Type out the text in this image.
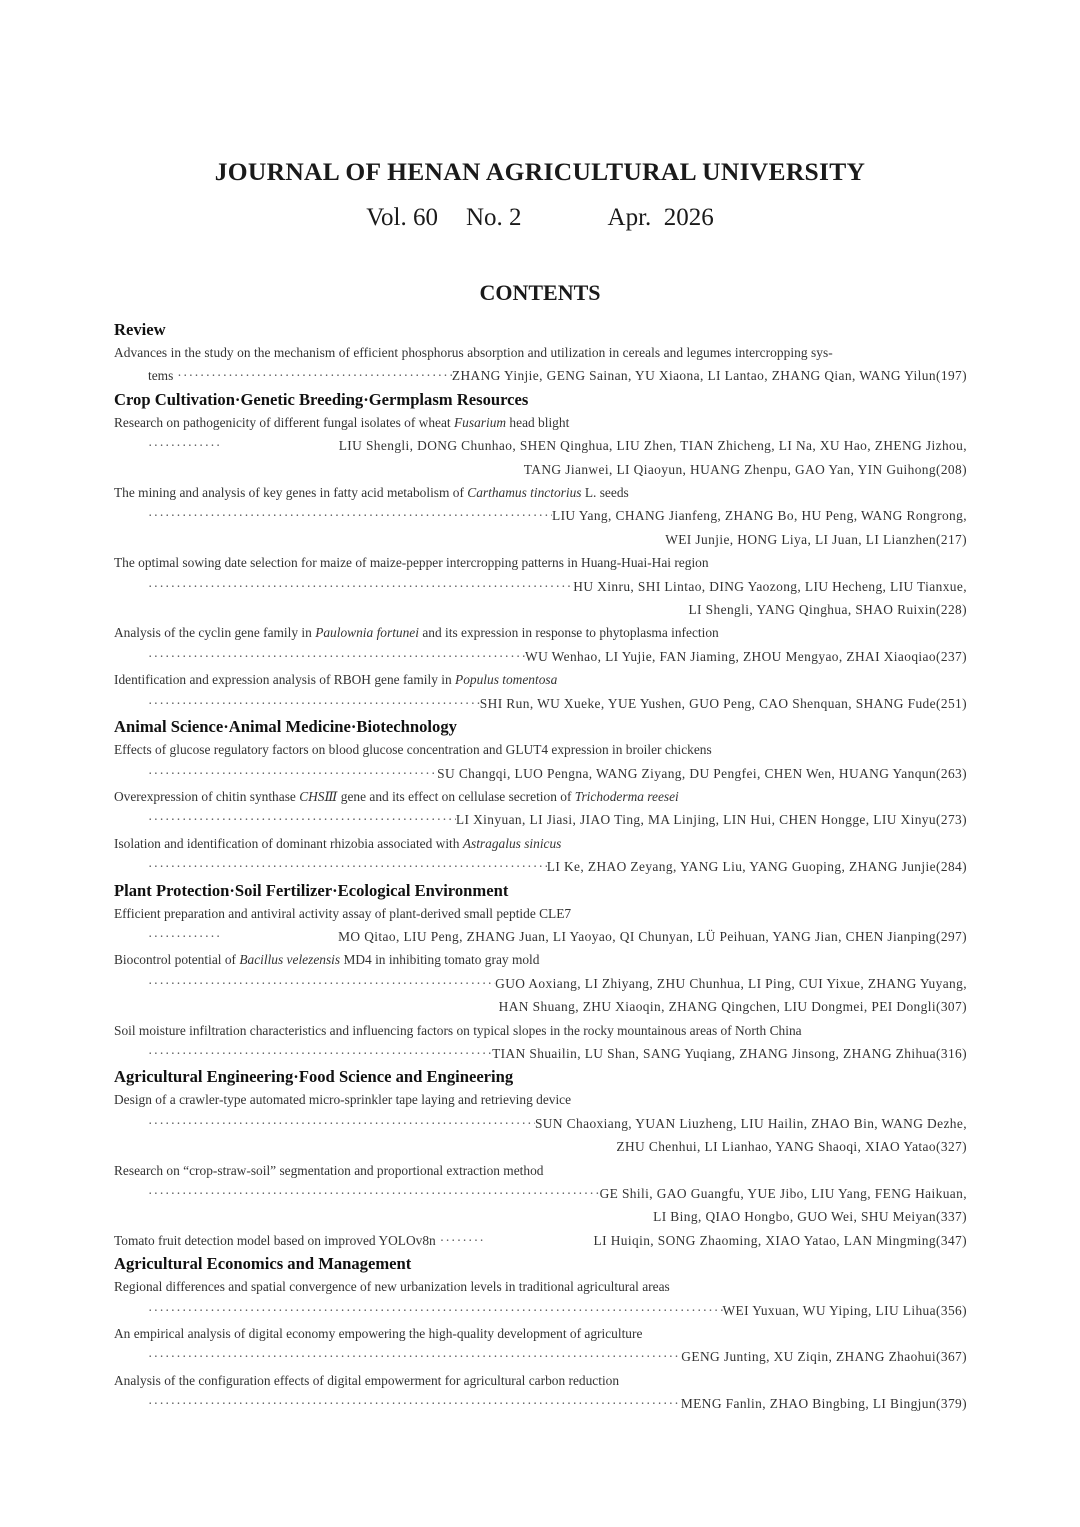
JOURNAL OF HENAN AGRICULTURAL UNIVERSITY
Vol. 60 No. 2	Apr.  2026
CONTENTS

Review

Advances in the study on the mechanism of efficient phosphorus absorption and utilization in cereals and legumes intercropping sys-

tems ·····	ZHANG Yinjie, GENG Sainan, YU Xiaona, LI Lantao, ZHANG Qian, WANG Yilun(197)

Crop Cultivation·Genetic Breeding·Germplasm Resources

Research on pathogenicity of different fungal isolates of wheat Fusarium head blight

·····
LIU Shengli, DONG Chunhao, SHEN Qinghua, LIU Zhen, TIAN Zhicheng, LI Na, XU Hao, ZHENG Jizhou,

TANG Jianwei, LI Qiaoyun, HUANG Zhenpu, GAO Yan, YIN Guihong(208)

The mining and analysis of key genes in fatty acid metabolism of Carthamus tinctorius L. seeds

·····
LIU Yang, CHANG Jianfeng, ZHANG Bo, HU Peng, WANG Rongrong,

WEI Junjie, HONG Liya, LI Juan, LI Lianzhen(217)

The optimal sowing date selection for maize of maize-pepper intercropping patterns in Huang-Huai-Hai region

·····
HU Xinru, SHI Lintao, DING Yaozong, LIU Hecheng, LIU Tianxue,

LI Shengli, YANG Qinghua, SHAO Ruixin(228)

Analysis of the cyclin gene family in Paulownia fortunei and its expression in response to phytoplasma infection

·····
WU Wenhao, LI Yujie, FAN Jiaming, ZHOU Mengyao, ZHAI Xiaoqiao(237)

Identification and expression analysis of RBOH gene family in Populus tomentosa

·····
SHI Run, WU Xueke, YUE Yushen, GUO Peng, CAO Shenquan, SHANG Fude(251)

Animal Science·Animal Medicine·Biotechnology

Effects of glucose regulatory factors on blood glucose concentration and GLUT4 expression in broiler chickens

·····
SU Changqi, LUO Pengna, WANG Ziyang, DU Pengfei, CHEN Wen, HUANG Yanqun(263)

Overexpression of chitin synthase CHSⅢ gene and its effect on cellulase secretion of Trichoderma reesei

·····
LI Xinyuan, LI Jiasi, JIAO Ting, MA Linjing, LIN Hui, CHEN Hongge, LIU Xinyu(273)

Isolation and identification of dominant rhizobia associated with Astragalus sinicus

·····
LI Ke, ZHAO Zeyang, YANG Liu, YANG Guoping, ZHANG Junjie(284)

Plant Protection·Soil Fertilizer·Ecological Environment

Efficient preparation and antiviral activity assay of plant-derived small peptide CLE7

·····
MO Qitao, LIU Peng, ZHANG Juan, LI Yaoyao, QI Chunyan, LÜ Peihuan, YANG Jian, CHEN Jianping(297)

Biocontrol potential of Bacillus velezensis MD4 in inhibiting tomato gray mold

·····
GUO Aoxiang, LI Zhiyang, ZHU Chunhua, LI Ping, CUI Yixue, ZHANG Yuyang,

HAN Shuang, ZHU Xiaoqin, ZHANG Qingchen, LIU Dongmei, PEI Dongli(307)

Soil moisture infiltration characteristics and influencing factors on typical slopes in the rocky mountainous areas of North China

·····
TIAN Shuailin, LU Shan, SANG Yuqiang, ZHANG Jinsong, ZHANG Zhihua(316)

Agricultural Engineering·Food Science and Engineering

Design of a crawler-type automated micro-sprinkler tape laying and retrieving device

·····
SUN Chaoxiang, YUAN Liuzheng, LIU Hailin, ZHAO Bin, WANG Dezhe,

ZHU Chenhui, LI Lianhao, YANG Shaoqi, XIAO Yatao(327)

Research on “crop-straw-soil” segmentation and proportional extraction method

·····
GE Shili, GAO Guangfu, YUE Jibo, LIU Yang, FENG Haikuan,

LI Bing, QIAO Hongbo, GUO Wei, SHU Meiyan(337)

Tomato fruit detection model based on improved YOLOv8n ·····	LI Huiqin, SONG Zhaoming, XIAO Yatao, LAN Mingming(347)

Agricultural Economics and Management

Regional differences and spatial convergence of new urbanization levels in traditional agricultural areas

·····
WEI Yuxuan, WU Yiping, LIU Lihua(356)

An empirical analysis of digital economy empowering the high-quality development of agriculture

·····
GENG Junting, XU Ziqin, ZHANG Zhaohui(367)

Analysis of the configuration effects of digital empowerment for agricultural carbon reduction

·····
MENG Fanlin, ZHAO Bingbing, LI Bingjun(379)
